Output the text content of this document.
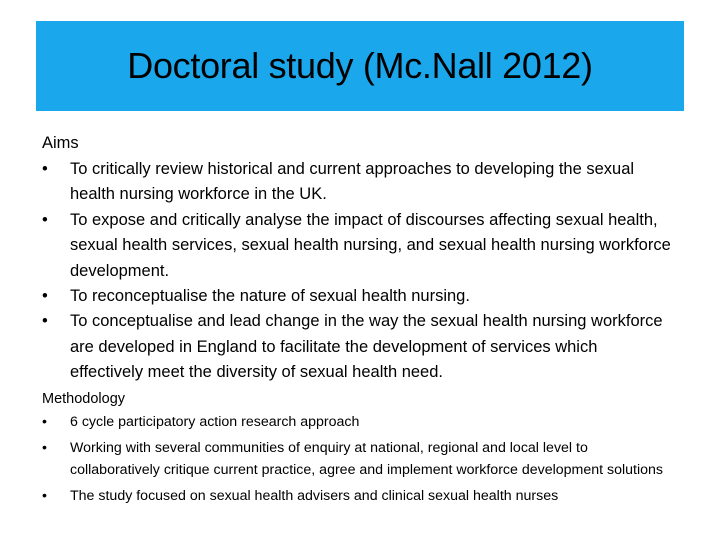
Doctoral study (Mc.Nall 2012)
Aims
• To critically review historical and current approaches to developing the sexual health nursing workforce in the UK.
• To expose and critically analyse the impact of discourses affecting sexual health, sexual health services, sexual health nursing, and sexual health nursing workforce development.
• To reconceptualise the nature of sexual health nursing.
• To conceptualise and lead change in the way the sexual health nursing workforce are developed in England to facilitate the development of services which effectively meet the diversity of sexual health need.
Methodology
• 6 cycle participatory action research approach
• Working with several communities of enquiry at national, regional and local level to collaboratively critique current practice, agree and implement workforce development solutions
• The study focused on sexual health advisers and clinical sexual health nurses
